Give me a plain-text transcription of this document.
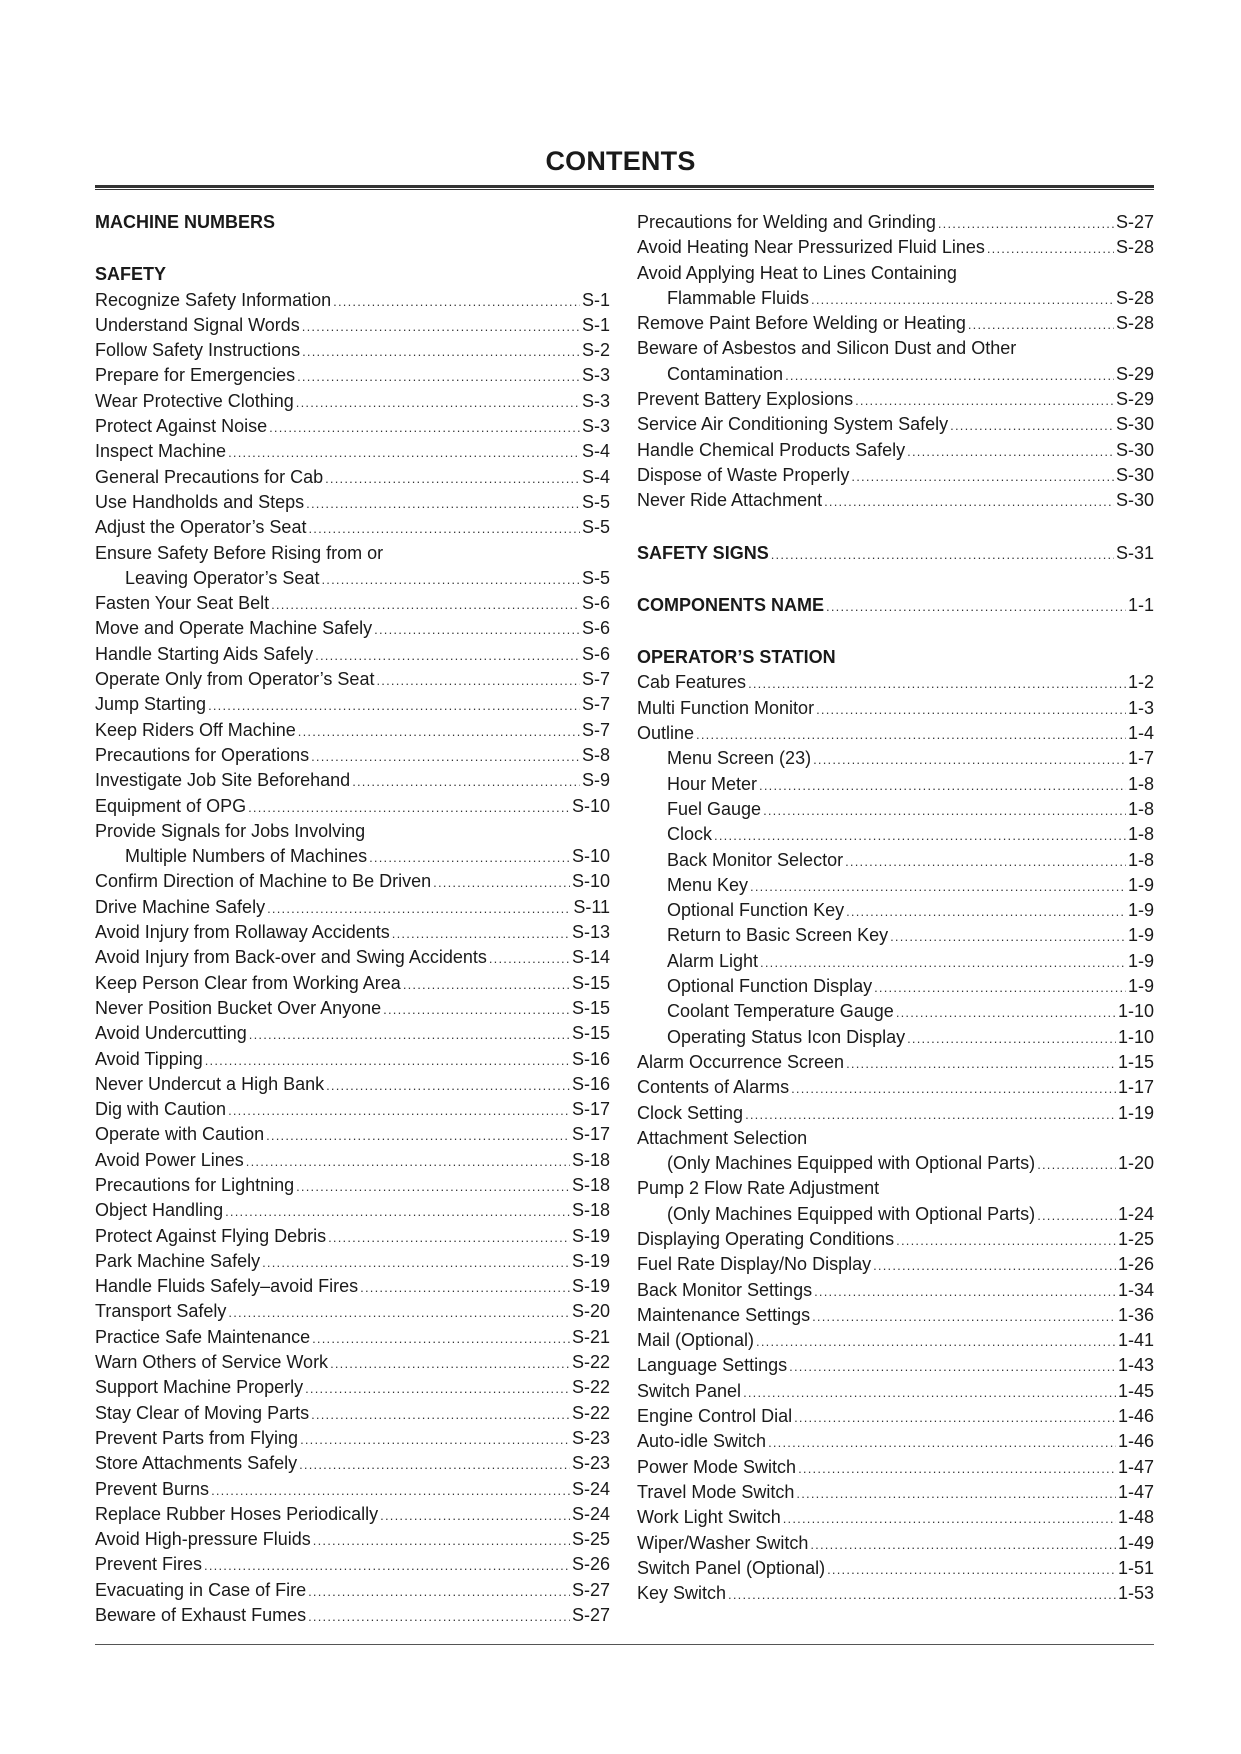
CONTENTS
MACHINE NUMBERS
SAFETY
Recognize Safety Information .....	S-1
Understand Signal Words .....	S-1
Follow Safety Instructions .....	S-2
Prepare for Emergencies .....	S-3
Wear Protective Clothing .....	S-3
Protect Against Noise .....	S-3
Inspect Machine .....	S-4
General Precautions for Cab .....	S-4
Use Handholds and Steps .....	S-5
Adjust the Operator’s Seat .....	S-5
Ensure Safety Before Rising from or
Leaving Operator’s Seat .....	S-5
Fasten Your Seat Belt .....	S-6
Move and Operate Machine Safely .....	S-6
Handle Starting Aids Safely .....	S-6
Operate Only from Operator’s Seat .....	S-7
Jump Starting .....	S-7
Keep Riders Off Machine .....	S-7
Precautions for Operations .....	S-8
Investigate Job Site Beforehand .....	S-9
Equipment of OPG .....	S-10
Provide Signals for Jobs Involving
Multiple Numbers of Machines .....	S-10
Confirm Direction of Machine to Be Driven .....	S-10
Drive Machine Safely .....	S-11
Avoid Injury from Rollaway Accidents .....	S-13
Avoid Injury from Back-over and Swing Accidents .....	S-14
Keep Person Clear from Working Area .....	S-15
Never Position Bucket Over Anyone .....	S-15
Avoid Undercutting .....	S-15
Avoid Tipping .....	S-16
Never Undercut a High Bank .....	S-16
Dig with Caution .....	S-17
Operate with Caution .....	S-17
Avoid Power Lines .....	S-18
Precautions for Lightning .....	S-18
Object Handling .....	S-18
Protect Against Flying Debris .....	S-19
Park Machine Safely .....	S-19
Handle Fluids Safely–avoid Fires .....	S-19
Transport Safely .....	S-20
Practice Safe Maintenance .....	S-21
Warn Others of Service Work .....	S-22
Support Machine Properly .....	S-22
Stay Clear of Moving Parts .....	S-22
Prevent Parts from Flying .....	S-23
Store Attachments Safely .....	S-23
Prevent Burns .....	S-24
Replace Rubber Hoses Periodically .....	S-24
Avoid High-pressure Fluids .....	S-25
Prevent Fires .....	S-26
Evacuating in Case of Fire .....	S-27
Beware of Exhaust Fumes .....	S-27
Precautions for Welding and Grinding .....	S-27
Avoid Heating Near Pressurized Fluid Lines .....	S-28
Avoid Applying Heat to Lines Containing
Flammable Fluids .....	S-28
Remove Paint Before Welding or Heating .....	S-28
Beware of Asbestos and Silicon Dust and Other
Contamination .....	S-29
Prevent Battery Explosions .....	S-29
Service Air Conditioning System Safely .....	S-30
Handle Chemical Products Safely .....	S-30
Dispose of Waste Properly .....	S-30
Never Ride Attachment .....	S-30
SAFETY SIGNS .....	S-31
COMPONENTS NAME .....	1-1
OPERATOR’S STATION
Cab Features .....	1-2
Multi Function Monitor .....	1-3
Outline .....	1-4
Menu Screen (23) .....	1-7
Hour Meter .....	1-8
Fuel Gauge .....	1-8
Clock .....	1-8
Back Monitor Selector .....	1-8
Menu Key .....	1-9
Optional Function Key .....	1-9
Return to Basic Screen Key .....	1-9
Alarm Light .....	1-9
Optional Function Display .....	1-9
Coolant Temperature Gauge .....	1-10
Operating Status Icon Display .....	1-10
Alarm Occurrence Screen .....	1-15
Contents of Alarms .....	1-17
Clock Setting .....	1-19
Attachment Selection
(Only Machines Equipped with Optional Parts) .....	1-20
Pump 2 Flow Rate Adjustment
(Only Machines Equipped with Optional Parts) .....	1-24
Displaying Operating Conditions .....	1-25
Fuel Rate Display/No Display .....	1-26
Back Monitor Settings .....	1-34
Maintenance Settings .....	1-36
Mail (Optional) .....	1-41
Language Settings .....	1-43
Switch Panel .....	1-45
Engine Control Dial .....	1-46
Auto-idle Switch .....	1-46
Power Mode Switch .....	1-47
Travel Mode Switch .....	1-47
Work Light Switch .....	1-48
Wiper/Washer Switch .....	1-49
Switch Panel (Optional) .....	1-51
Key Switch .....	1-53
